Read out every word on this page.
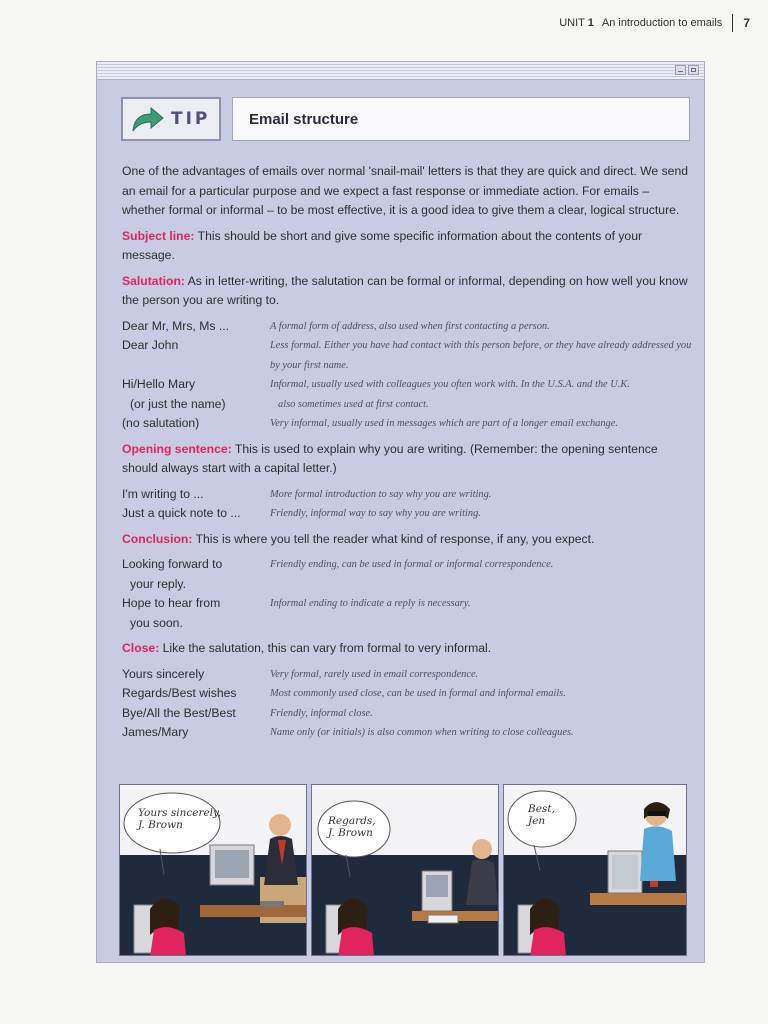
UNIT 1 An introduction to emails 7
TIP	Email structure

One of the advantages of emails over normal 'snail-mail' letters is that they are quick and direct. We send an email for a particular purpose and we expect a fast response or immediate action. For emails – whether formal or informal – to be most effective, it is a good idea to give them a clear, logical structure.

Subject line: This should be short and give some specific information about the contents of your message.

Salutation: As in letter-writing, the salutation can be formal or informal, depending on how well you know the person you are writing to.

Dear Mr, Mrs, Ms ...	A formal form of address, also used when first contacting a person.
Dear John	Less formal. Either you have had contact with this person before, or they have already addressed you by your first name.
Hi/Hello Mary	Informal, usually used with colleagues you often work with. In the U.S.A. and the U.K.
(or just the name)	also sometimes used at first contact.
(no salutation)	Very informal, usually used in messages which are part of a longer email exchange.

Opening sentence: This is used to explain why you are writing. (Remember: the opening sentence should always start with a capital letter.)

I'm writing to ...	More formal introduction to say why you are writing.
Just a quick note to ...	Friendly, informal way to say why you are writing.

Conclusion: This is where you tell the reader what kind of response, if any, you expect.

Looking forward to	Friendly ending, can be used in formal or informal correspondence.
your reply.
Hope to hear from	Informal ending to indicate a reply is necessary.
you soon.

Close: Like the salutation, this can vary from formal to very informal.

Yours sincerely	Very formal, rarely used in email correspondence.
Regards/Best wishes	Most commonly used close, can be used in formal and informal emails.
Bye/All the Best/Best	Friendly, informal close.
James/Mary	Name only (or initials) is also common when writing to close colleagues.
Yours sincerely,
J. Brown	Regards,
J. Brown
Best,
Jen
